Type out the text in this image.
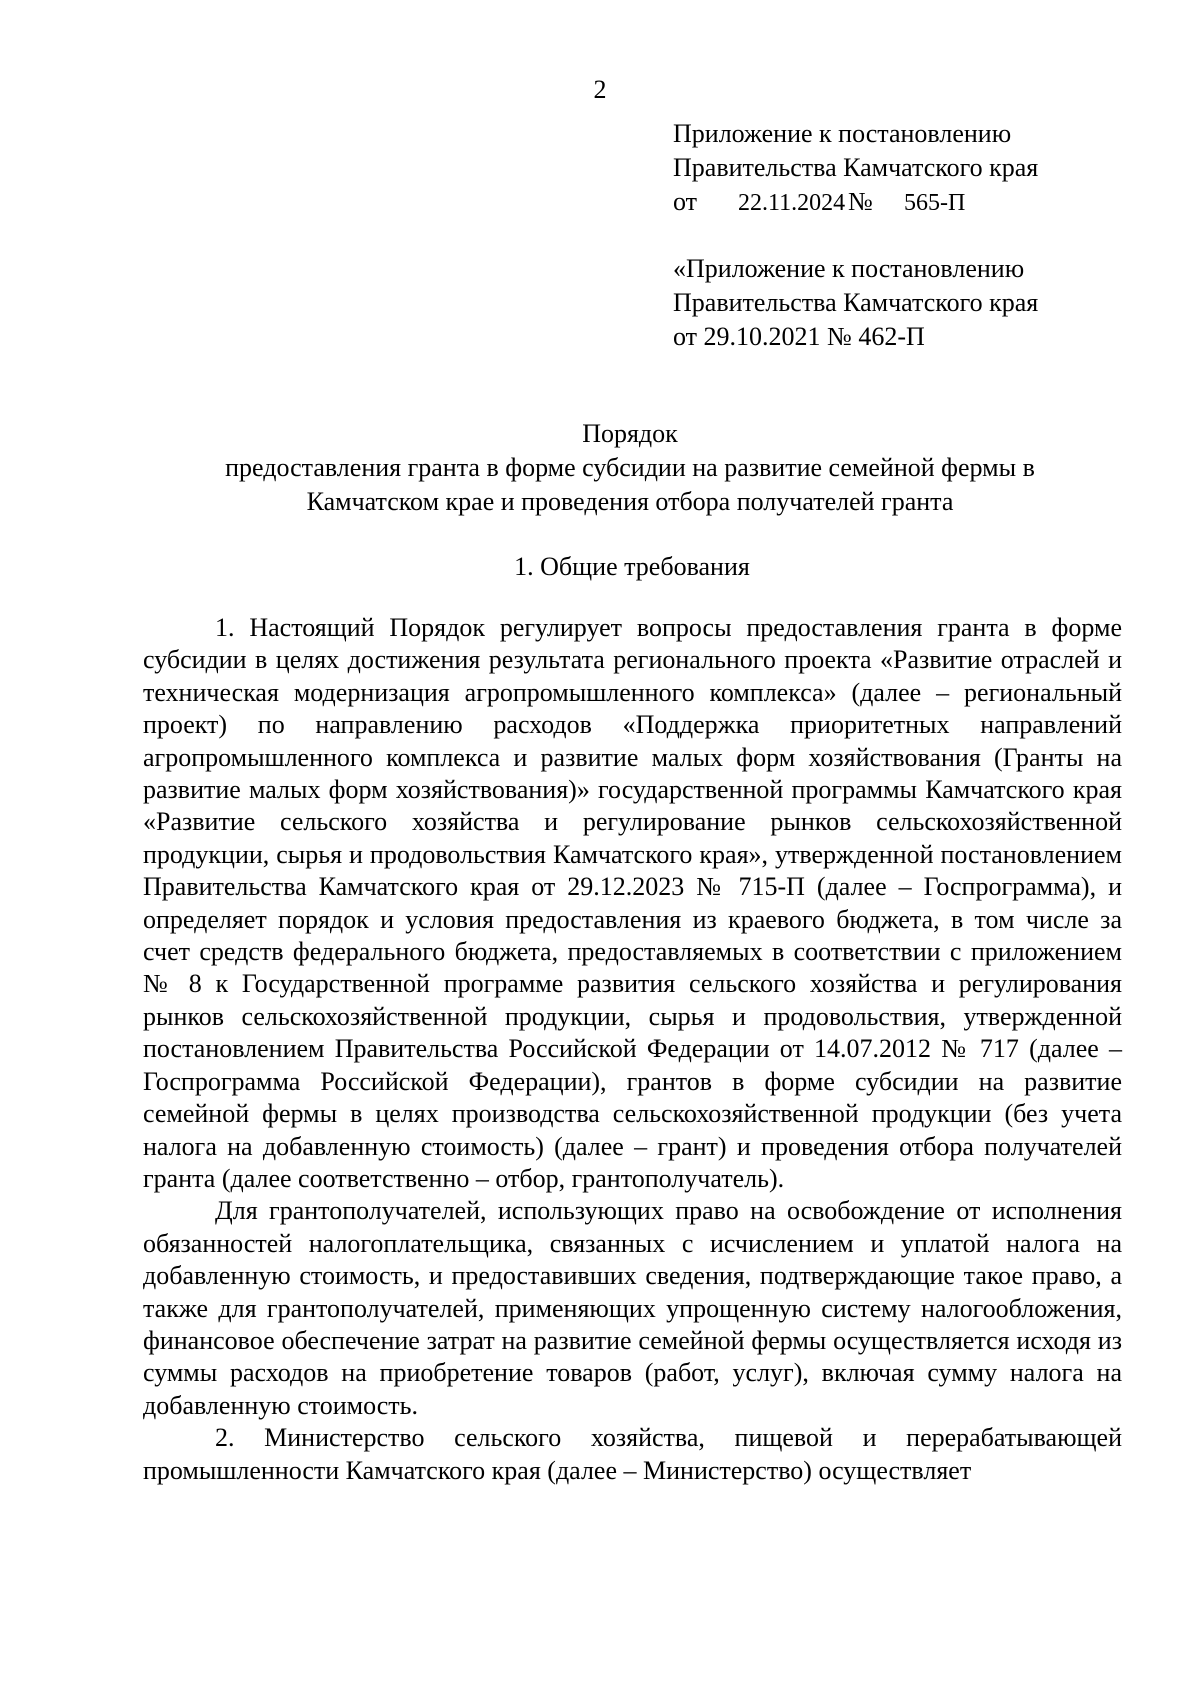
2
Приложение к постановлению
Правительства Камчатского края
от 22.11.2024 № 565-П
«Приложение к постановлению
Правительства Камчатского края
от 29.10.2021 № 462-П
Порядок
предоставления гранта в форме субсидии на развитие семейной фермы в
Камчатском крае и проведения отбора получателей гранта
1. Общие требования

1. Настоящий Порядок регулирует вопросы предоставления гранта в форме субсидии в целях достижения результата регионального проекта «Развитие отраслей и техническая модернизация агропромышленного комплекса» (далее – региональный проект) по направлению расходов «Поддержка приоритетных направлений агропромышленного комплекса и развитие малых форм хозяйствования (Гранты на развитие малых форм хозяйствования)» государственной программы Камчатского края «Развитие сельского хозяйства и регулирование рынков сельскохозяйственной продукции, сырья и продовольствия Камчатского края», утвержденной постановлением Правительства Камчатского края от 29.12.2023 № 715-П (далее – Госпрограмма), и определяет порядок и условия предоставления из краевого бюджета, в том числе за счет средств федерального бюджета, предоставляемых в соответствии с приложением № 8 к Государственной программе развития сельского хозяйства и регулирования рынков сельскохозяйственной продукции, сырья и продовольствия, утвержденной постановлением Правительства Российской Федерации от 14.07.2012 № 717 (далее – Госпрограмма Российской Федерации), грантов в форме субсидии на развитие семейной фермы в целях производства сельскохозяйственной продукции (без учета налога на добавленную стоимость) (далее – грант) и проведения отбора получателей гранта (далее соответственно – отбор, грантополучатель).

Для грантополучателей, использующих право на освобождение от исполнения обязанностей налогоплательщика, связанных с исчислением и уплатой налога на добавленную стоимость, и предоставивших сведения, подтверждающие такое право, а также для грантополучателей, применяющих упрощенную систему налогообложения, финансовое обеспечение затрат на развитие семейной фермы осуществляется исходя из суммы расходов на приобретение товаров (работ, услуг), включая сумму налога на добавленную стоимость.

2. Министерство сельского хозяйства, пищевой и перерабатывающей промышленности Камчатского края (далее – Министерство) осуществляет
